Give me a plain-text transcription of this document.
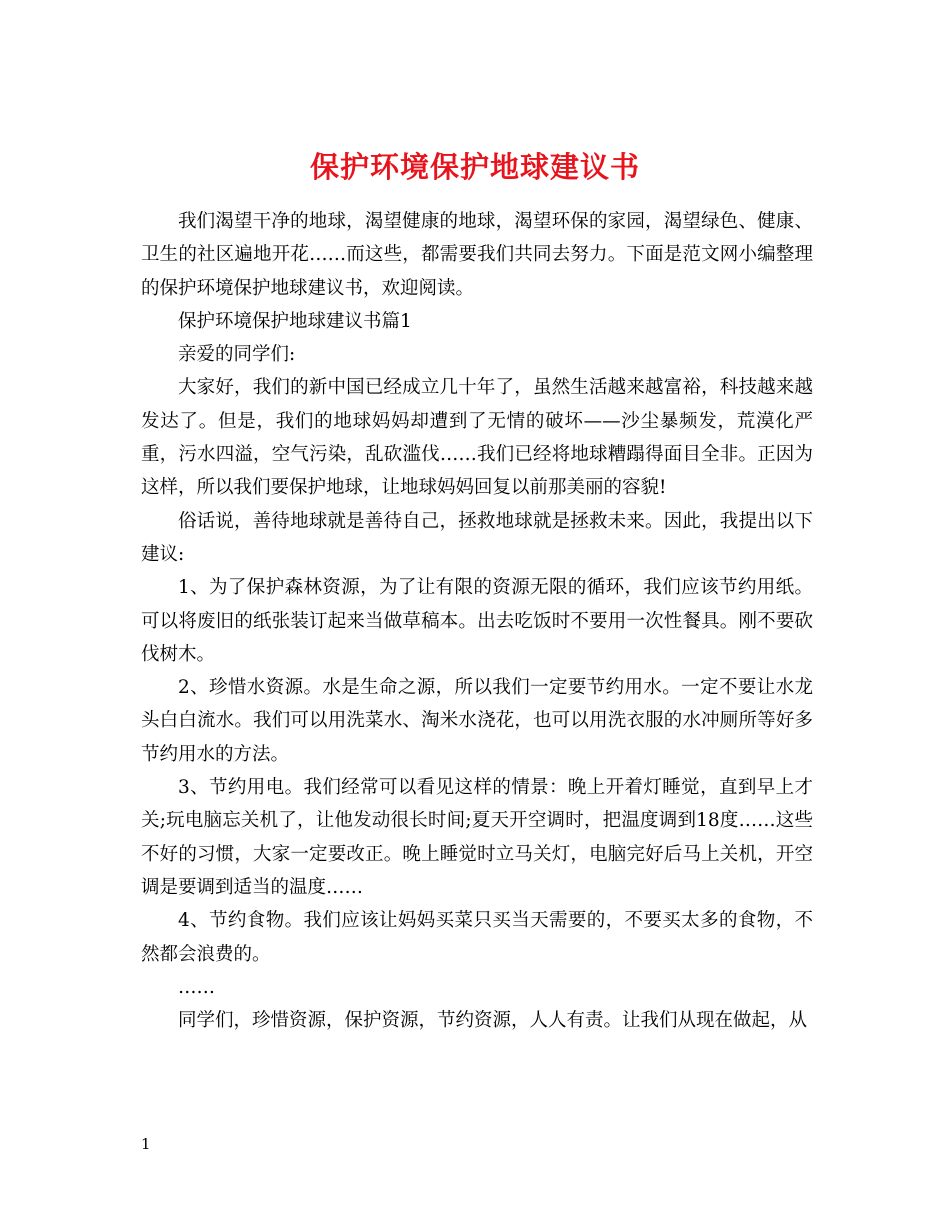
保护环境保护地球建议书

我们渴望干净的地球，渴望健康的地球，渴望环保的家园，渴望绿色、健康、卫生的社区遍地开花……而这些，都需要我们共同去努力。下面是范文网小编整理的保护环境保护地球建议书，欢迎阅读。

保护环境保护地球建议书篇1

亲爱的同学们:

大家好，我们的新中国已经成立几十年了，虽然生活越来越富裕，科技越来越发达了。但是，我们的地球妈妈却遭到了无情的破坏——沙尘暴频发，荒漠化严重，污水四溢，空气污染，乱砍滥伐……我们已经将地球糟蹋得面目全非。正因为这样，所以我们要保护地球，让地球妈妈回复以前那美丽的容貌!

俗话说，善待地球就是善待自己，拯救地球就是拯救未来。因此，我提出以下建议:

1、为了保护森林资源，为了让有限的资源无限的循环，我们应该节约用纸。可以将废旧的纸张装订起来当做草稿本。出去吃饭时不要用一次性餐具。刚不要砍伐树木。

2、珍惜水资源。水是生命之源，所以我们一定要节约用水。一定不要让水龙头白白流水。我们可以用洗菜水、淘米水浇花，也可以用洗衣服的水冲厕所等好多节约用水的方法。

3、节约用电。我们经常可以看见这样的情景：晚上开着灯睡觉，直到早上才关;玩电脑忘关机了，让他发动很长时间;夏天开空调时，把温度调到18度……这些不好的习惯，大家一定要改正。晚上睡觉时立马关灯，电脑完好后马上关机，开空调是要调到适当的温度……

4、节约食物。我们应该让妈妈买菜只买当天需要的，不要买太多的食物，不然都会浪费的。

……

同学们，珍惜资源，保护资源，节约资源，人人有责。让我们从现在做起，从

1
